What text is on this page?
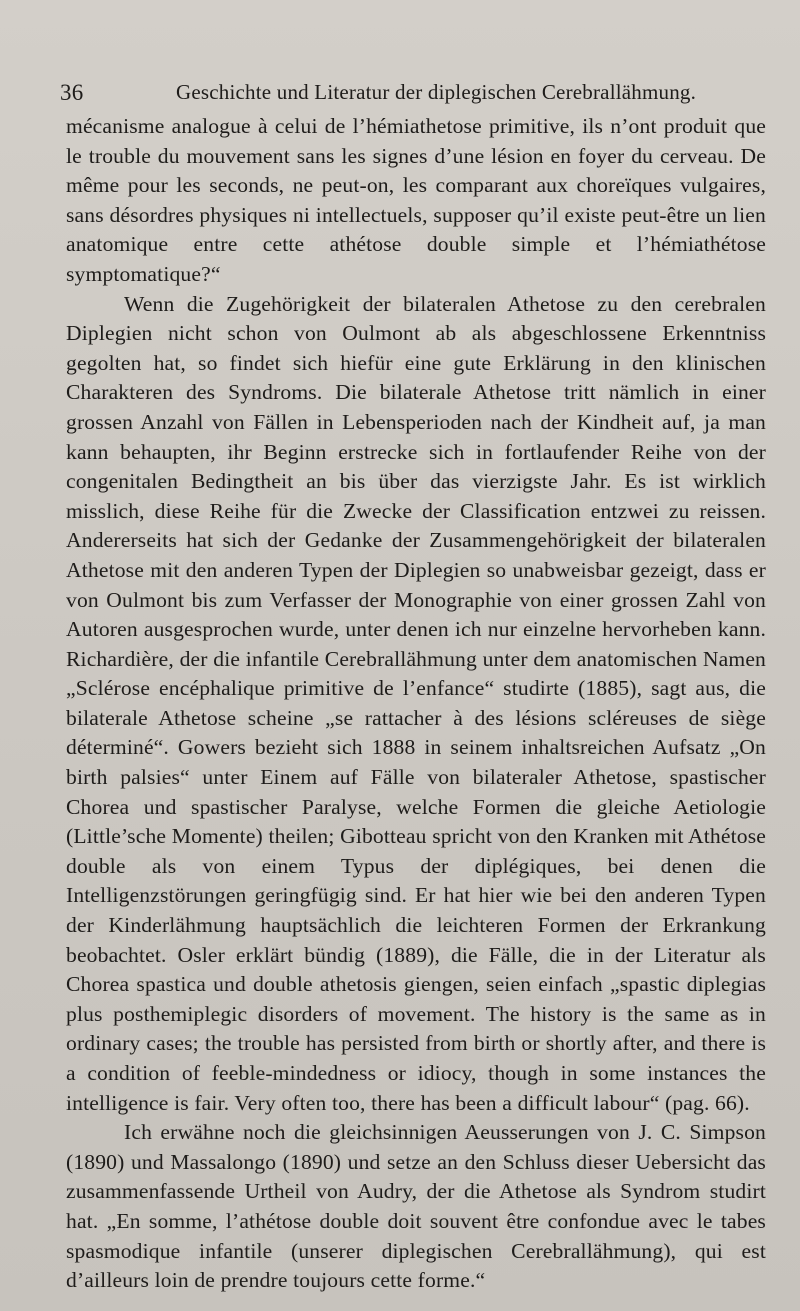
36	Geschichte und Literatur der diplegischen Cerebrallähmung.

mécanisme analogue à celui de l’hémiathetose primitive, ils n’ont produit que le trouble du mouvement sans les signes d’une lésion en foyer du cerveau. De même pour les seconds, ne peut-on, les comparant aux choreïques vulgaires, sans désordres physiques ni intellectuels, supposer qu’il existe peut-être un lien anatomique entre cette athétose double simple et l’hémiathétose symptomatique?“

Wenn die Zugehörigkeit der bilateralen Athetose zu den cerebralen Diplegien nicht schon von Oulmont ab als abgeschlossene Erkenntniss gegolten hat, so findet sich hiefür eine gute Erklärung in den klinischen Charakteren des Syndroms. Die bilaterale Athetose tritt nämlich in einer grossen Anzahl von Fällen in Lebensperioden nach der Kindheit auf, ja man kann behaupten, ihr Beginn erstrecke sich in fortlaufender Reihe von der congenitalen Bedingtheit an bis über das vierzigste Jahr. Es ist wirklich misslich, diese Reihe für die Zwecke der Classification entzwei zu reissen. Andererseits hat sich der Gedanke der Zusammengehörigkeit der bilateralen Athetose mit den anderen Typen der Diplegien so unabweisbar gezeigt, dass er von Oulmont bis zum Verfasser der Monographie von einer grossen Zahl von Autoren ausgesprochen wurde, unter denen ich nur einzelne hervorheben kann. Richardière, der die infantile Cerebrallähmung unter dem anatomischen Namen „Sclérose encéphalique primitive de l’enfance“ studirte (1885), sagt aus, die bilaterale Athetose scheine „se rattacher à des lésions scléreuses de siège déterminé“. Gowers bezieht sich 1888 in seinem inhaltsreichen Aufsatz „On birth palsies“ unter Einem auf Fälle von bilateraler Athetose, spastischer Chorea und spastischer Paralyse, welche Formen die gleiche Aetiologie (Little’sche Momente) theilen; Gibotteau spricht von den Kranken mit Athétose double als von einem Typus der diplégiques, bei denen die Intelligenzstörungen geringfügig sind. Er hat hier wie bei den anderen Typen der Kinderlähmung hauptsächlich die leichteren Formen der Erkrankung beobachtet. Osler erklärt bündig (1889), die Fälle, die in der Literatur als Chorea spastica und double athetosis giengen, seien einfach „spastic diplegias plus posthemiplegic disorders of movement. The history is the same as in ordinary cases; the trouble has persisted from birth or shortly after, and there is a condition of feeble-mindedness or idiocy, though in some instances the intelligence is fair. Very often too, there has been a difficult labour“ (pag. 66).

Ich erwähne noch die gleichsinnigen Aeusserungen von J. C. Simpson (1890) und Massalongo (1890) und setze an den Schluss dieser Uebersicht das zusammenfassende Urtheil von Audry, der die Athetose als Syndrom studirt hat. „En somme, l’athétose double doit souvent être confondue avec le tabes spasmodique infantile (unserer diplegischen Cerebrallähmung), qui est d’ailleurs loin de prendre toujours cette forme.“
